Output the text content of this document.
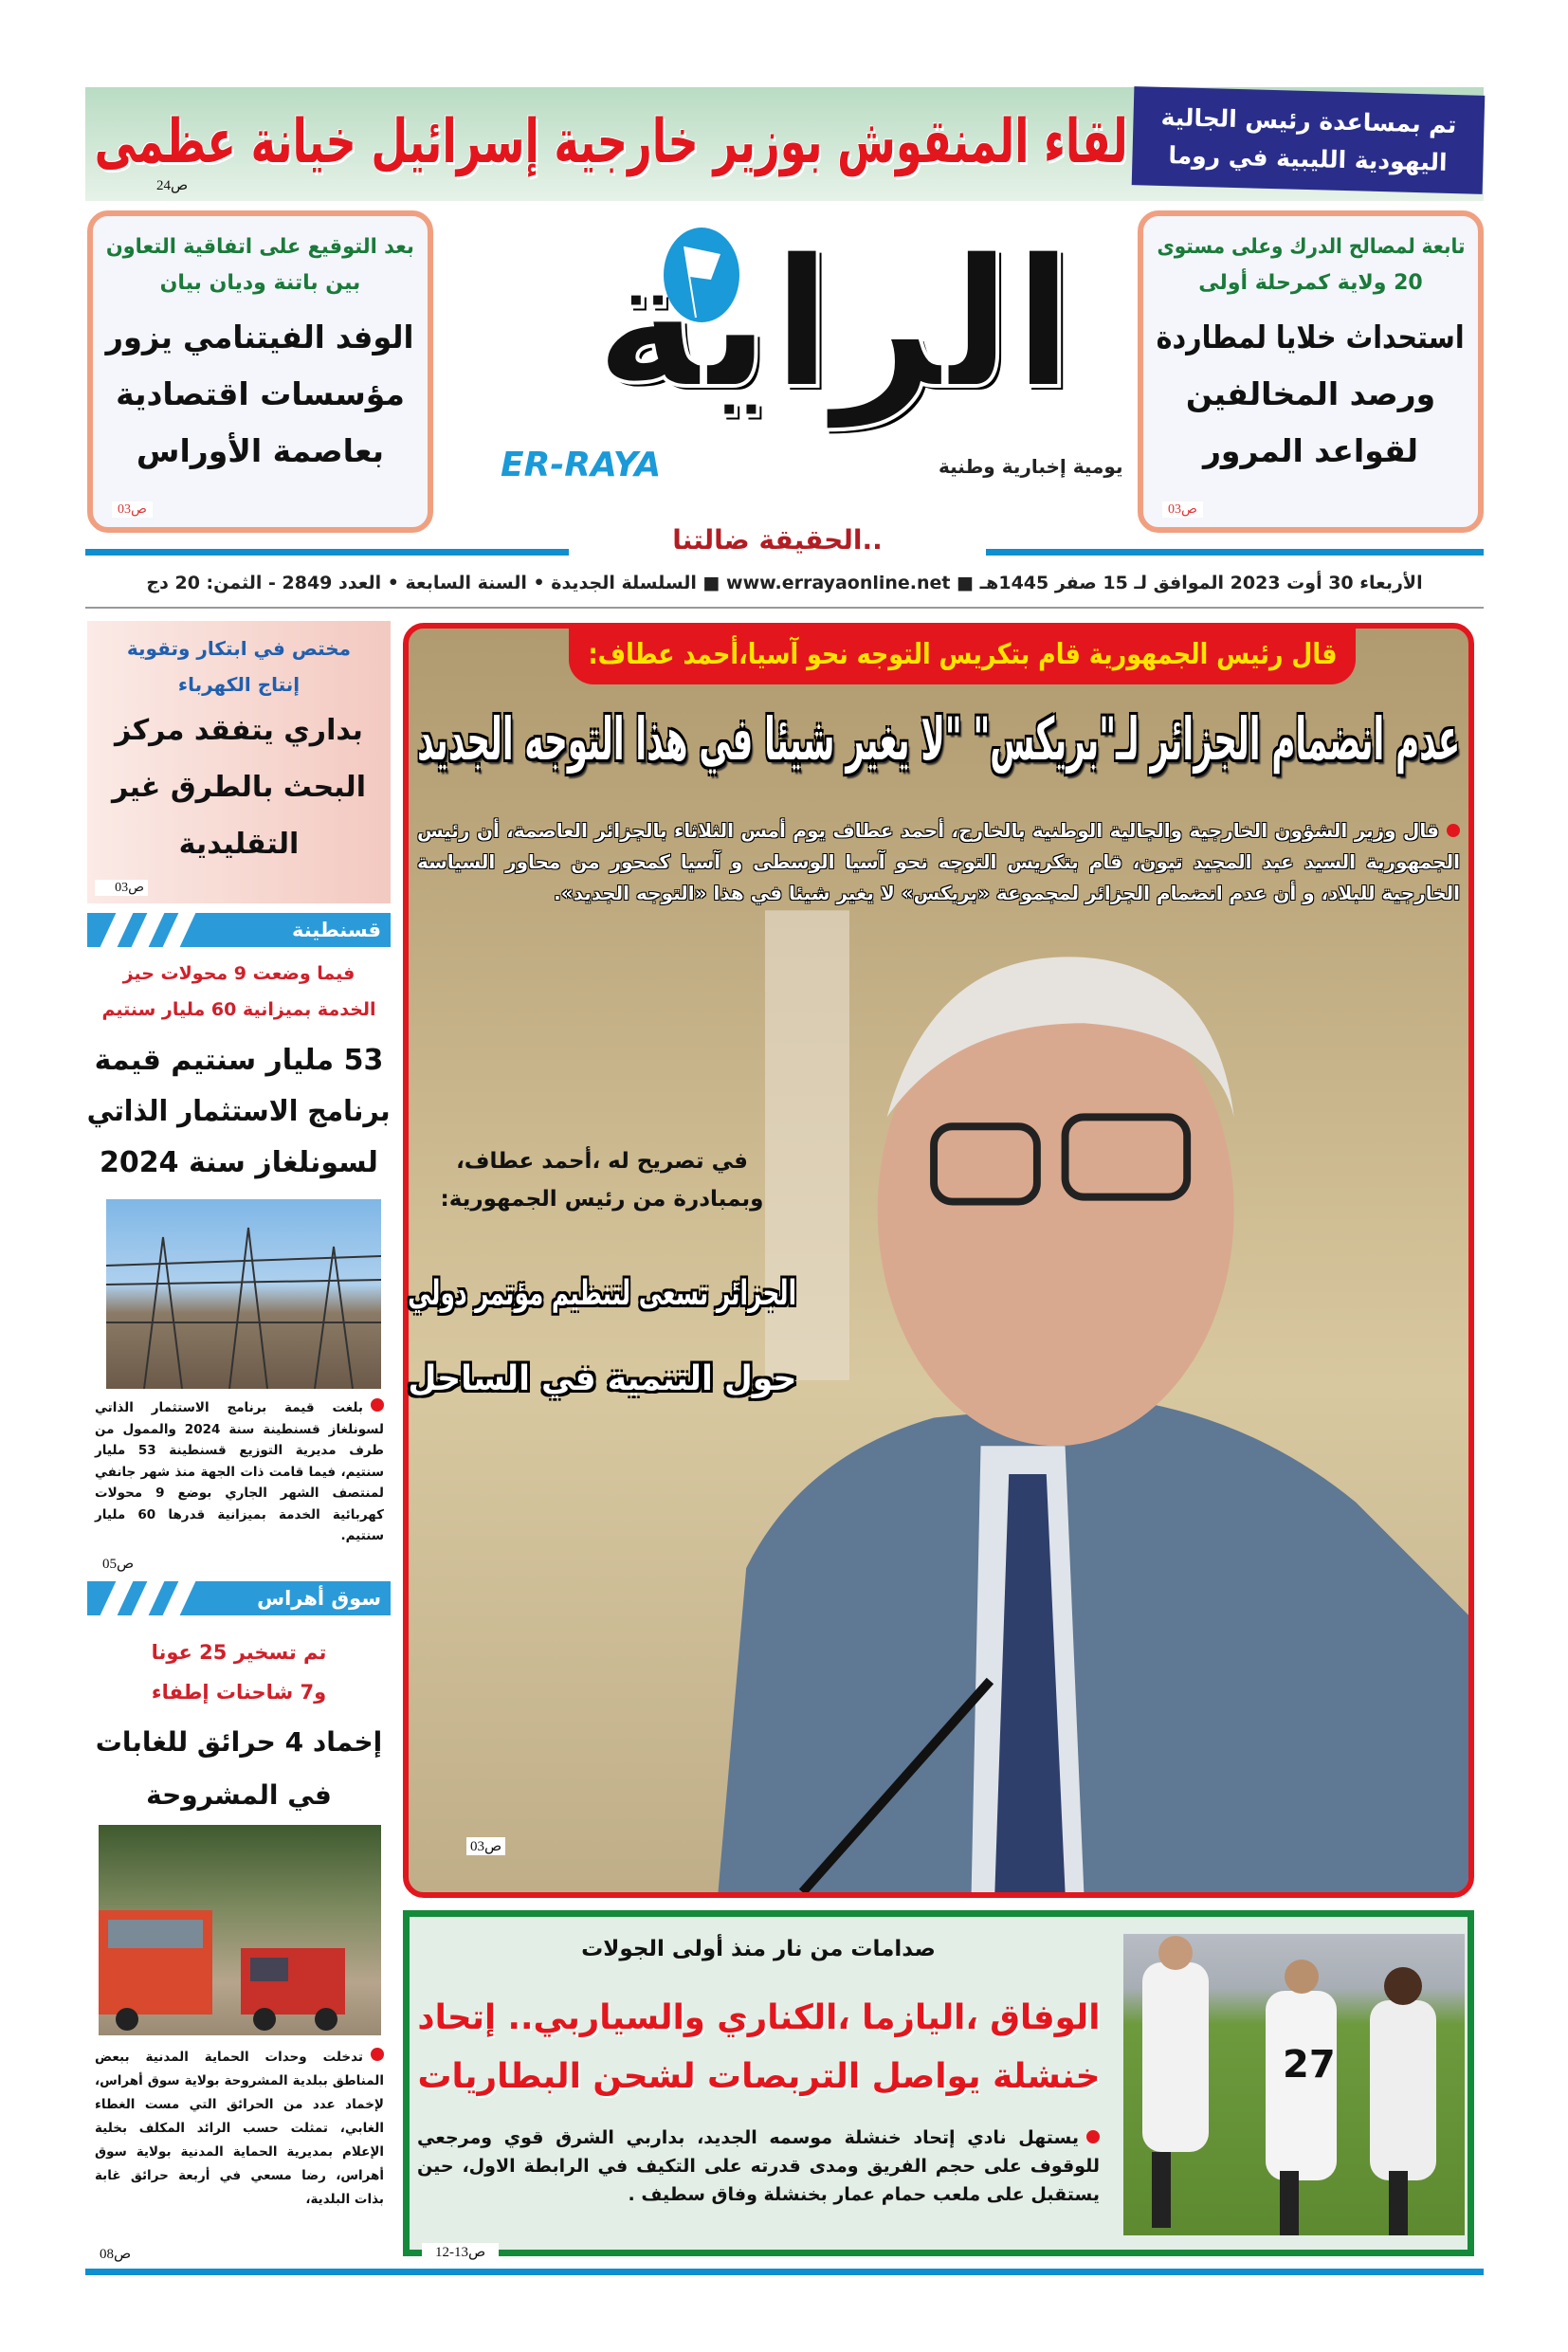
لقاء المنقوش بوزير خارجية إسرائيل خيانة عظمى
ص24
تم بمساعدة رئيس الجالية
اليهودية الليبية في روما
بعد التوقيع على اتفاقية التعاون
بين باتنة وديان بيان
الوفد الفيتنامي يزور
مؤسسات اقتصادية
بعاصمة الأوراس
ص03
تابعة لمصالح الدرك وعلى مستوى
20 ولاية كمرحلة أولى
استحداث خلايا لمطاردة
ورصد المخالفين
لقواعد المرور
ص03
الراية
ER-RAYA	يومية إخبارية وطنية
..الحقيقة ضالتنا
الأربعاء 30 أوت 2023 الموافق لـ 15 صفر 1445هـ ■ www.errayaonline.net ■ السلسلة الجديدة • السنة السابعة • العدد 2849 - الثمن: 20 دج
قال رئيس الجمهورية قام بتكريس التوجه نحو آسيا،أحمد عطاف:
عدم انضمام الجزائر لـ"بريكس" "لا يغير شيئا في هذا التوجه الجديد
قال وزير الشؤون الخارجية والجالية الوطنية بالخارج، أحمد عطاف يوم أمس الثلاثاء بالجزائر العاصمة، أن رئيس الجمهورية السيد عبد المجيد تبون، قام بتكريس التوجه نحو آسيا الوسطى و آسيا كمحور من محاور السياسة الخارجية للبلاد، و أن عدم انضمام الجزائر لمجموعة «بريكس» لا يغير شيئا في هذا «التوجه الجديد».
في تصريح له ،أحمد عطاف،
وبمبادرة من رئيس الجمهورية:
الجزائر تسعى لتنظيم مؤتمر دولي
حول التنمية في الساحل
ص03
مختص في ابتكار وتقوية
إنتاج الكهرباء
بداري يتفقد مركز
البحث بالطرق غير
التقليدية
ص03
قسنطينة
فيما وضعت 9 محولات حيز
الخدمة بميزانية 60 مليار سنتيم
53 مليار سنتيم قيمة
برنامج الاستثمار الذاتي
لسونلغاز سنة 2024
بلغت قيمة برنامج الاستثمار الذاتي لسونلغاز قسنطينة سنة 2024 والممول من طرف مديرية التوزيع قسنطينة 53 مليار سنتيم، فيما قامت ذات الجهة منذ شهر جانفي لمنتصف الشهر الجاري بوضع 9 محولات كهربائية الخدمة بميزانية قدرها 60 مليار سنتيم.
ص05
سوق أهراس
تم تسخير 25 عونا
و7 شاحنات إطفاء
إخماد 4 حرائق للغابات
في المشروحة
تدخلت وحدات الحماية المدنية ببعض المناطق ببلدية المشروحة بولاية سوق أهراس، لإخماد عدد من الحرائق التي مست الغطاء الغابي، تمثلت حسب الرائد المكلف بخلية الإعلام بمديرية الحماية المدنية بولاية سوق أهراس، رضا مسعي في أربعة حرائق غابة بذات البلدية،
ص08
صدامات من نار منذ أولى الجولات
الوفاق ،اليازما ،الكناري والسياربي.. إتحاد
خنشلة يواصل التربصات لشحن البطاريات
يستهل نادي إتحاد خنشلة موسمه الجديد، بداربي الشرق قوي ومرجعي للوقوف على حجم الفريق ومدى قدرته على التكيف في الرابطة الاول، حين يستقبل على ملعب حمام عمار بخنشلة وفاق سطيف .
27
ص13-12
